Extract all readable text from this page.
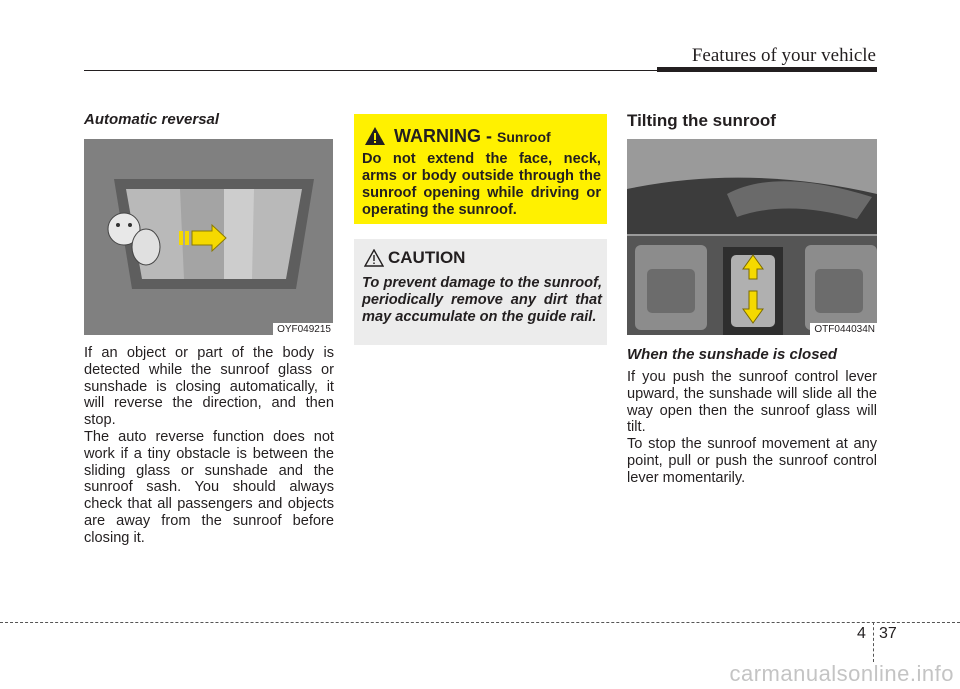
Features of your vehicle
Automatic reversal
OYF049215

If an object or part of the body is detected while the sunroof glass or sunshade is closing automatically, it will reverse the direction, and then stop.

The auto reverse function does not work if a tiny obstacle is between the sliding glass or sunshade and the sunroof sash. You should always check that all passengers and objects are away from the sunroof before closing it.

WARNING - Sunroof

Do not extend the face, neck, arms or body outside through the sunroof opening while driving or operating the sunroof.

CAUTION

To prevent damage to the sunroof, periodically remove any dirt that may accumulate on the guide rail.

Tilting the sunroof
OTF044034N
When the sunshade is closed

If you push the sunroof control lever upward, the sunshade will slide all the way open then the sunroof glass will tilt.

To stop the sunroof movement at any point, pull or push the sunroof control lever momentarily.

4 37
carmanualsonline.info
